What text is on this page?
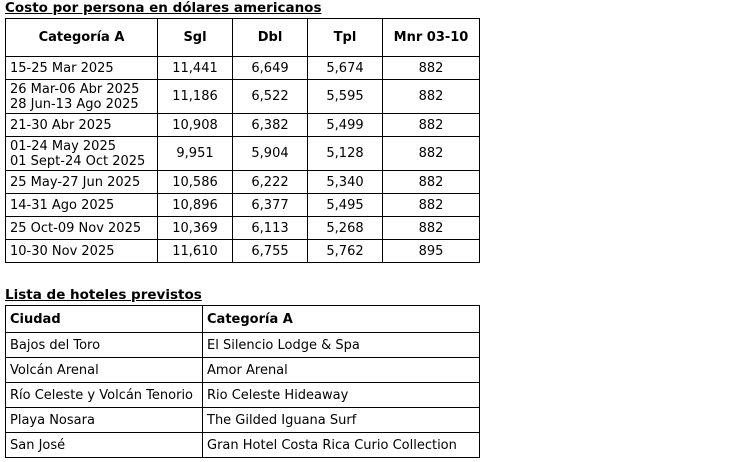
Costo por persona en dólares americanos
Categoría A	Sgl	Dbl	Tpl	Mnr 03-10

15-25 Mar 2025	11,441	6,649	5,674	882

26 Mar-06 Abr 2025
28 Jun-13 Ago 2025	11,186	6,522	5,595	882

21-30 Abr 2025	10,908	6,382	5,499	882

01-24 May 2025
01 Sept-24 Oct 2025	9,951	5,904	5,128	882

25 May-27 Jun 2025	10,586	6,222	5,340	882

14-31 Ago 2025	10,896	6,377	5,495	882

25 Oct-09 Nov 2025	10,369	6,113	5,268	882

10-30 Nov 2025	11,610	6,755	5,762	895
Lista de hoteles previstos
Ciudad	Categoría A
Bajos del Toro	El Silencio Lodge & Spa
Volcán Arenal	Amor Arenal
Río Celeste y Volcán Tenorio	Rio Celeste Hideaway
Playa Nosara	The Gilded Iguana Surf
San José	Gran Hotel Costa Rica Curio Collection
